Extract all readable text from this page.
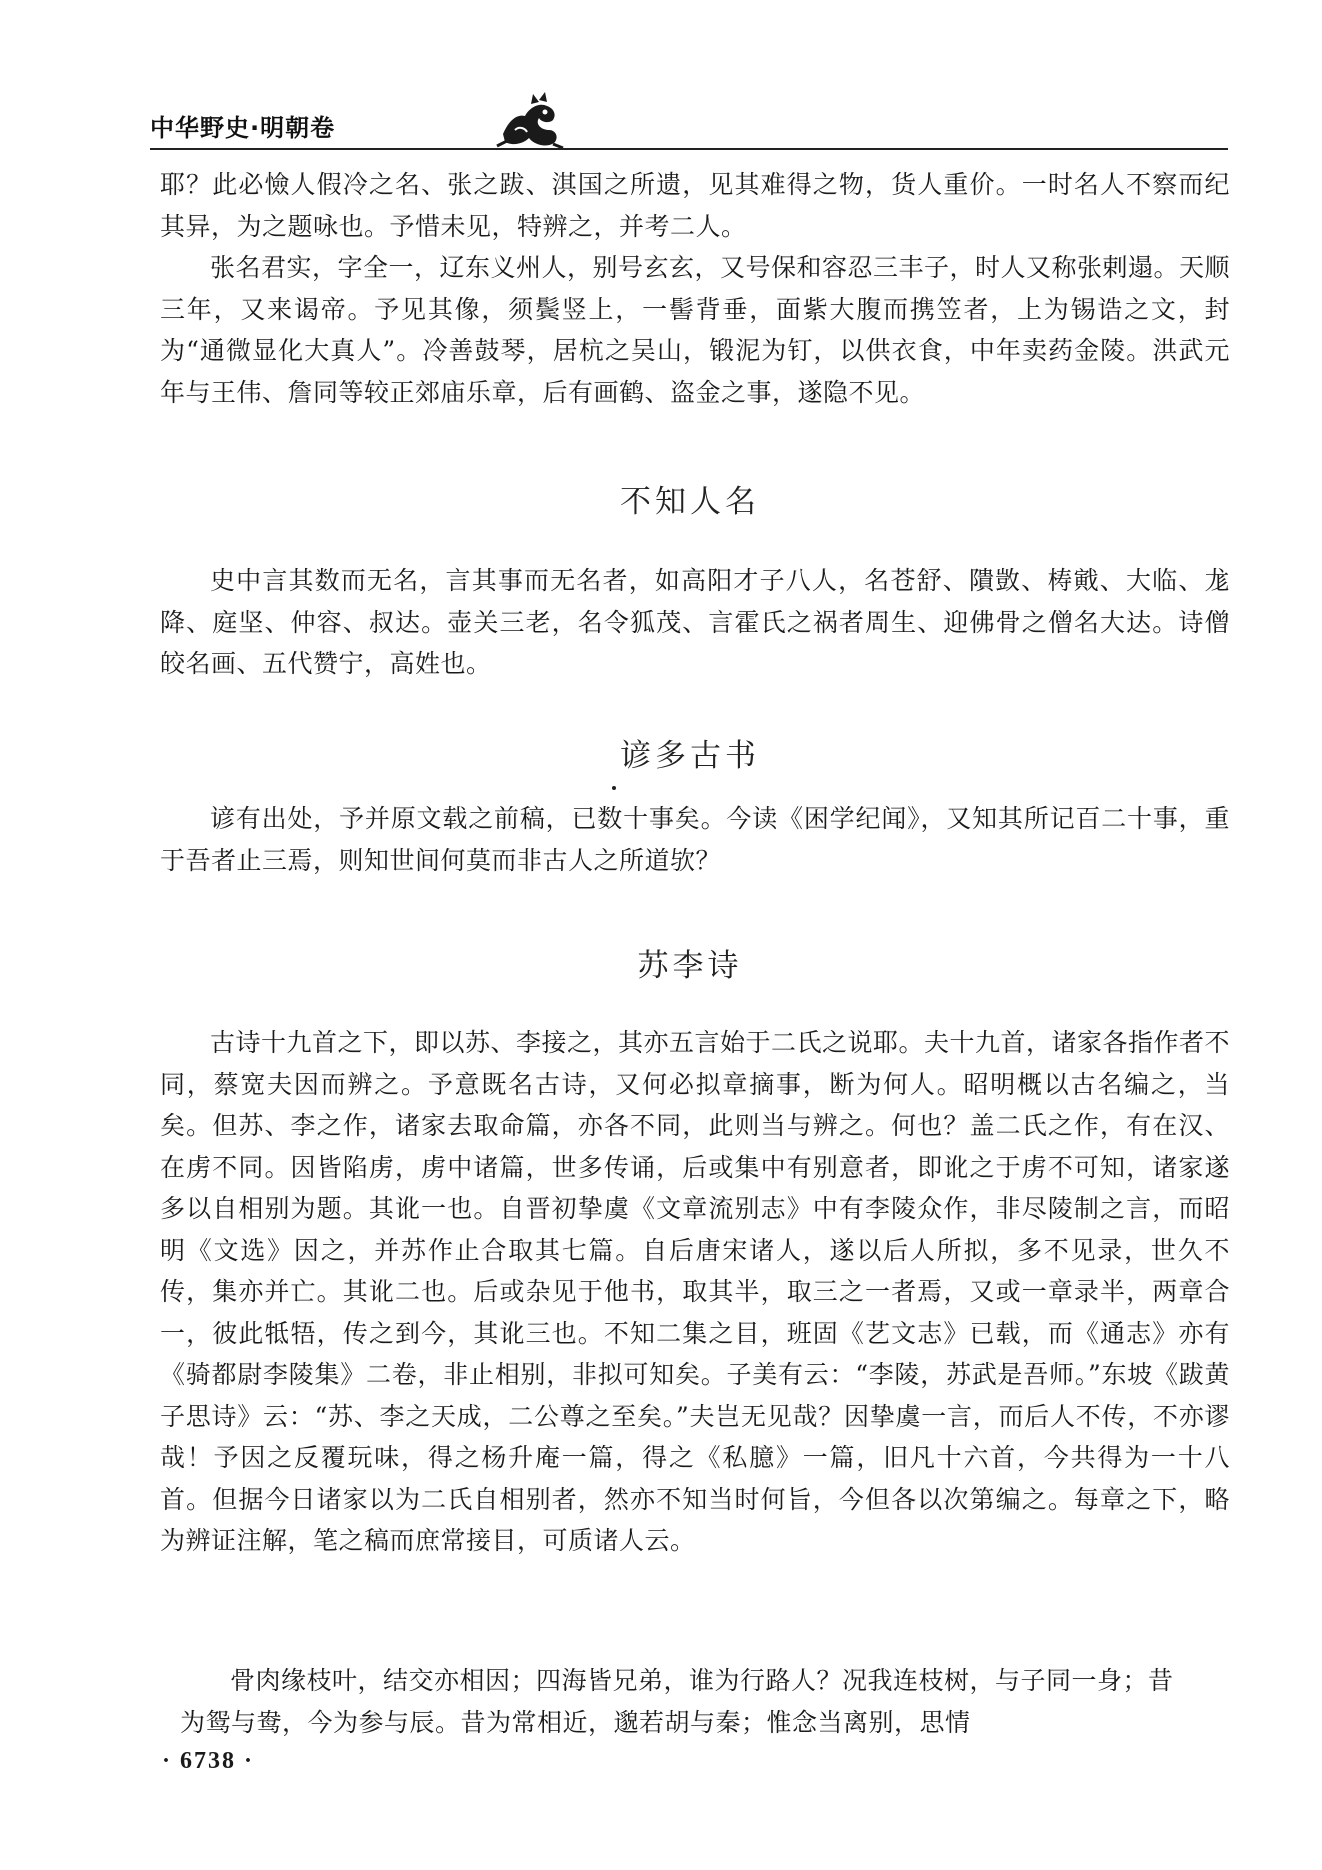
中华野史·明朝卷

耶？此必憸人假冷之名、张之跋、淇国之所遗，见其难得之物，货人重价。一时名人不察而纪其异，为之题咏也。予惜未见，特辨之，并考二人。

张名君实，字全一，辽东义州人，别号玄玄，又号保和容忍三丰子，时人又称张剌遢。天顺三年，又来谒帝。予见其像，须鬓竖上，一髻背垂，面紫大腹而携笠者，上为锡诰之文，封为“通微显化大真人”。冷善鼓琴，居杭之吴山，锻泥为钉，以供衣食，中年卖药金陵。洪武元年与王伟、詹同等较正郊庙乐章，后有画鹤、盗金之事，遂隐不见。

不知人名

史中言其数而无名，言其事而无名者，如高阳才子八人，名苍舒、隤敳、梼戭、大临、尨降、庭坚、仲容、叔达。壶关三老，名令狐茂、言霍氏之祸者周生、迎佛骨之僧名大达。诗僧皎名画、五代赞宁，高姓也。

谚多古书

谚有出处，予并原文载之前稿，已数十事矣。今读《困学纪闻》，又知其所记百二十事，重于吾者止三焉，则知世间何莫而非古人之所道欤？

苏李诗

古诗十九首之下，即以苏、李接之，其亦五言始于二氏之说耶。夫十九首，诸家各指作者不同，蔡宽夫因而辨之。予意既名古诗，又何必拟章摘事，断为何人。昭明概以古名编之，当矣。但苏、李之作，诸家去取命篇，亦各不同，此则当与辨之。何也？盖二氏之作，有在汉、在虏不同。因皆陷虏，虏中诸篇，世多传诵，后或集中有别意者，即讹之于虏不可知，诸家遂多以自相别为题。其讹一也。自晋初挚虞《文章流别志》中有李陵众作，非尽陵制之言，而昭明《文选》因之，并苏作止合取其七篇。自后唐宋诸人，遂以后人所拟，多不见录，世久不传，集亦并亡。其讹二也。后或杂见于他书，取其半，取三之一者焉，又或一章录半，两章合一，彼此牴牾，传之到今，其讹三也。不知二集之目，班固《艺文志》已载，而《通志》亦有《骑都尉李陵集》二卷，非止相别，非拟可知矣。子美有云：“李陵，苏武是吾师。”东坡《跋黄子思诗》云：“苏、李之天成，二公尊之至矣。”夫岂无见哉？因挚虞一言，而后人不传，不亦谬哉！予因之反覆玩味，得之杨升庵一篇，得之《私臆》一篇，旧凡十六首，今共得为一十八首。但据今日诸家以为二氏自相别者，然亦不知当时何旨，今但各以次第编之。每章之下，略为辨证注解，笔之稿而庶常接目，可质诸人云。

骨肉缘枝叶，结交亦相因；四海皆兄弟，谁为行路人？况我连枝树，与子同一身；昔为鸳与鸯，今为参与辰。昔为常相近，邈若胡与秦；惟念当离别，思情

· 6738 ·
